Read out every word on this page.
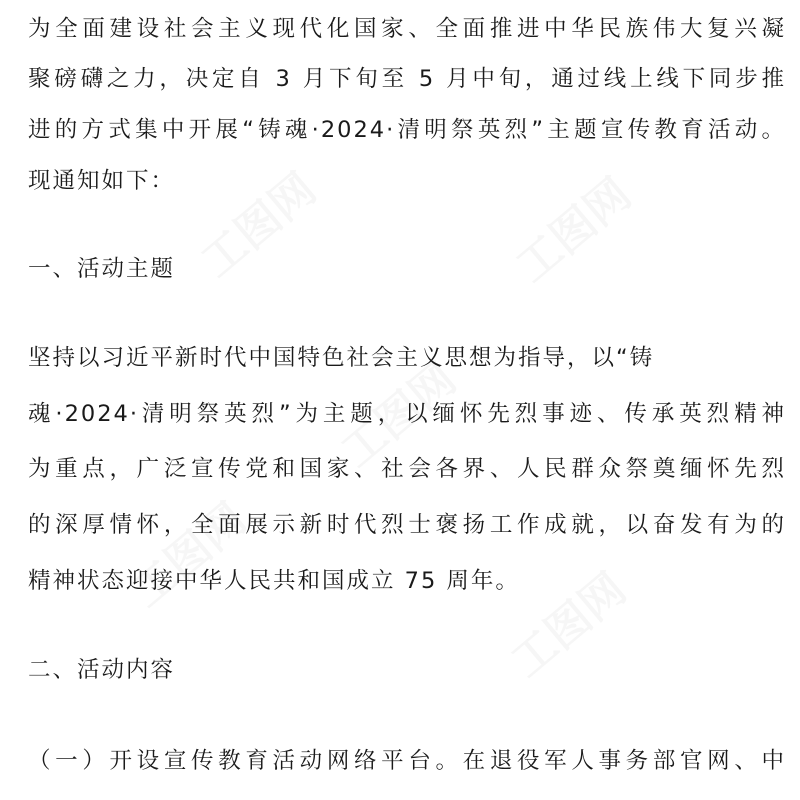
为全面建设社会主义现代化国家、全面推进中华民族伟大复兴凝
聚磅礴之力，决定自 3 月下旬至 5 月中旬，通过线上线下同步推
进的方式集中开展“铸魂·2024·清明祭英烈”主题宣传教育活动。
现通知如下：
一、活动主题
坚持以习近平新时代中国特色社会主义思想为指导，以“铸
魂·2024·清明祭英烈”为主题，以缅怀先烈事迹、传承英烈精神
为重点，广泛宣传党和国家、社会各界、人民群众祭奠缅怀先烈
的深厚情怀，全面展示新时代烈士褒扬工作成就，以奋发有为的
精神状态迎接中华人民共和国成立 75 周年。
二、活动内容
（一）开设宣传教育活动网络平台。在退役军人事务部官网、中
